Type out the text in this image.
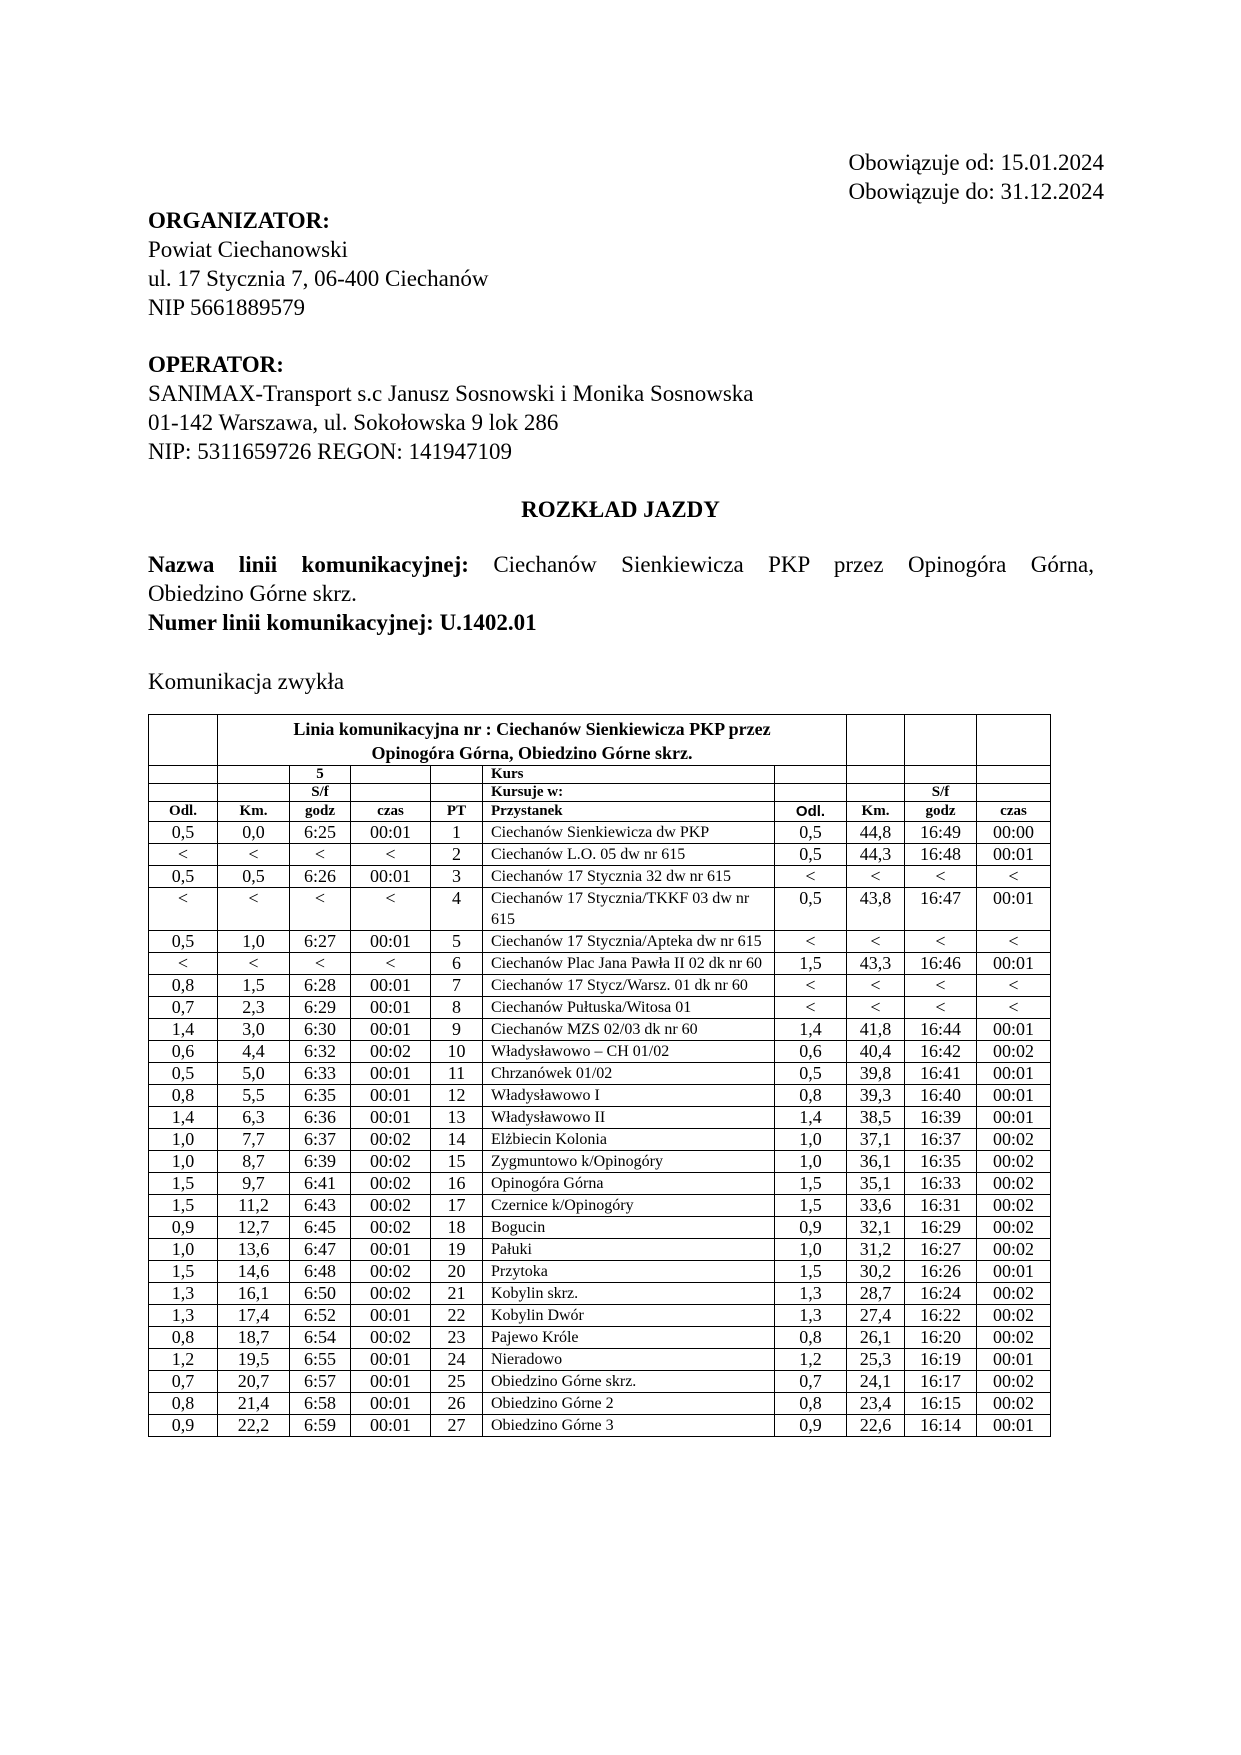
Obowiązuje od: 15.01.2024
Obowiązuje do: 31.12.2024
ORGANIZATOR:
Powiat Ciechanowski
ul. 17 Stycznia 7, 06-400 Ciechanów
NIP 5661889579
OPERATOR:
SANIMAX-Transport s.c Janusz Sosnowski i Monika Sosnowska
01-142 Warszawa, ul. Sokołowska 9 lok 286
NIP: 5311659726 REGON: 141947109
ROZKŁAD JAZDY
Nazwa linii komunikacyjnej: Ciechanów Sienkiewicza PKP przez Opinogóra Górna,
Obiedzino Górne skrz.
Numer linii komunikacyjnej: U.1402.01
Komunikacja zwykła

	Linia komunikacyjna nr : Ciechanów Sienkiewicza PKP przez
Opinogóra Górna, Obiedzino Górne skrz.								

		5			Kurs				
		S/f			Kursuje w:			S/f	
Odl.	Km.	godz	czas	PT	Przystanek	Odl.	Km.	godz	czas
0,5	0,0	6:25	00:01	1	Ciechanów Sienkiewicza dw PKP	0,5	44,8	16:49	00:00
<	<	<	<	2	Ciechanów L.O. 05 dw nr 615	0,5	44,3	16:48	00:01
0,5	0,5	6:26	00:01	3	Ciechanów 17 Stycznia 32 dw nr 615	<	<	<	<
<	<	<	<	4	Ciechanów 17 Stycznia/TKKF 03 dw nr 615	0,5	43,8	16:47	00:01
0,5	1,0	6:27	00:01	5	Ciechanów 17 Stycznia/Apteka dw nr 615	<	<	<	<
<	<	<	<	6	Ciechanów Plac Jana Pawła II 02 dk nr 60	1,5	43,3	16:46	00:01
0,8	1,5	6:28	00:01	7	Ciechanów 17 Stycz/Warsz. 01 dk nr 60	<	<	<	<
0,7	2,3	6:29	00:01	8	Ciechanów Pułtuska/Witosa 01	<	<	<	<
1,4	3,0	6:30	00:01	9	Ciechanów MZS 02/03 dk nr 60	1,4	41,8	16:44	00:01
0,6	4,4	6:32	00:02	10	Władysławowo – CH 01/02	0,6	40,4	16:42	00:02
0,5	5,0	6:33	00:01	11	Chrzanówek 01/02	0,5	39,8	16:41	00:01
0,8	5,5	6:35	00:01	12	Władysławowo I	0,8	39,3	16:40	00:01
1,4	6,3	6:36	00:01	13	Władysławowo II	1,4	38,5	16:39	00:01
1,0	7,7	6:37	00:02	14	Elżbiecin Kolonia	1,0	37,1	16:37	00:02
1,0	8,7	6:39	00:02	15	Zygmuntowo k/Opinogóry	1,0	36,1	16:35	00:02
1,5	9,7	6:41	00:02	16	Opinogóra Górna	1,5	35,1	16:33	00:02
1,5	11,2	6:43	00:02	17	Czernice k/Opinogóry	1,5	33,6	16:31	00:02
0,9	12,7	6:45	00:02	18	Bogucin	0,9	32,1	16:29	00:02
1,0	13,6	6:47	00:01	19	Pałuki	1,0	31,2	16:27	00:02
1,5	14,6	6:48	00:02	20	Przytoka	1,5	30,2	16:26	00:01
1,3	16,1	6:50	00:02	21	Kobylin skrz.	1,3	28,7	16:24	00:02
1,3	17,4	6:52	00:01	22	Kobylin Dwór	1,3	27,4	16:22	00:02
0,8	18,7	6:54	00:02	23	Pajewo Króle	0,8	26,1	16:20	00:02
1,2	19,5	6:55	00:01	24	Nieradowo	1,2	25,3	16:19	00:01
0,7	20,7	6:57	00:01	25	Obiedzino Górne skrz.	0,7	24,1	16:17	00:02
0,8	21,4	6:58	00:01	26	Obiedzino Górne 2	0,8	23,4	16:15	00:02
0,9	22,2	6:59	00:01	27	Obiedzino Górne 3	0,9	22,6	16:14	00:01
